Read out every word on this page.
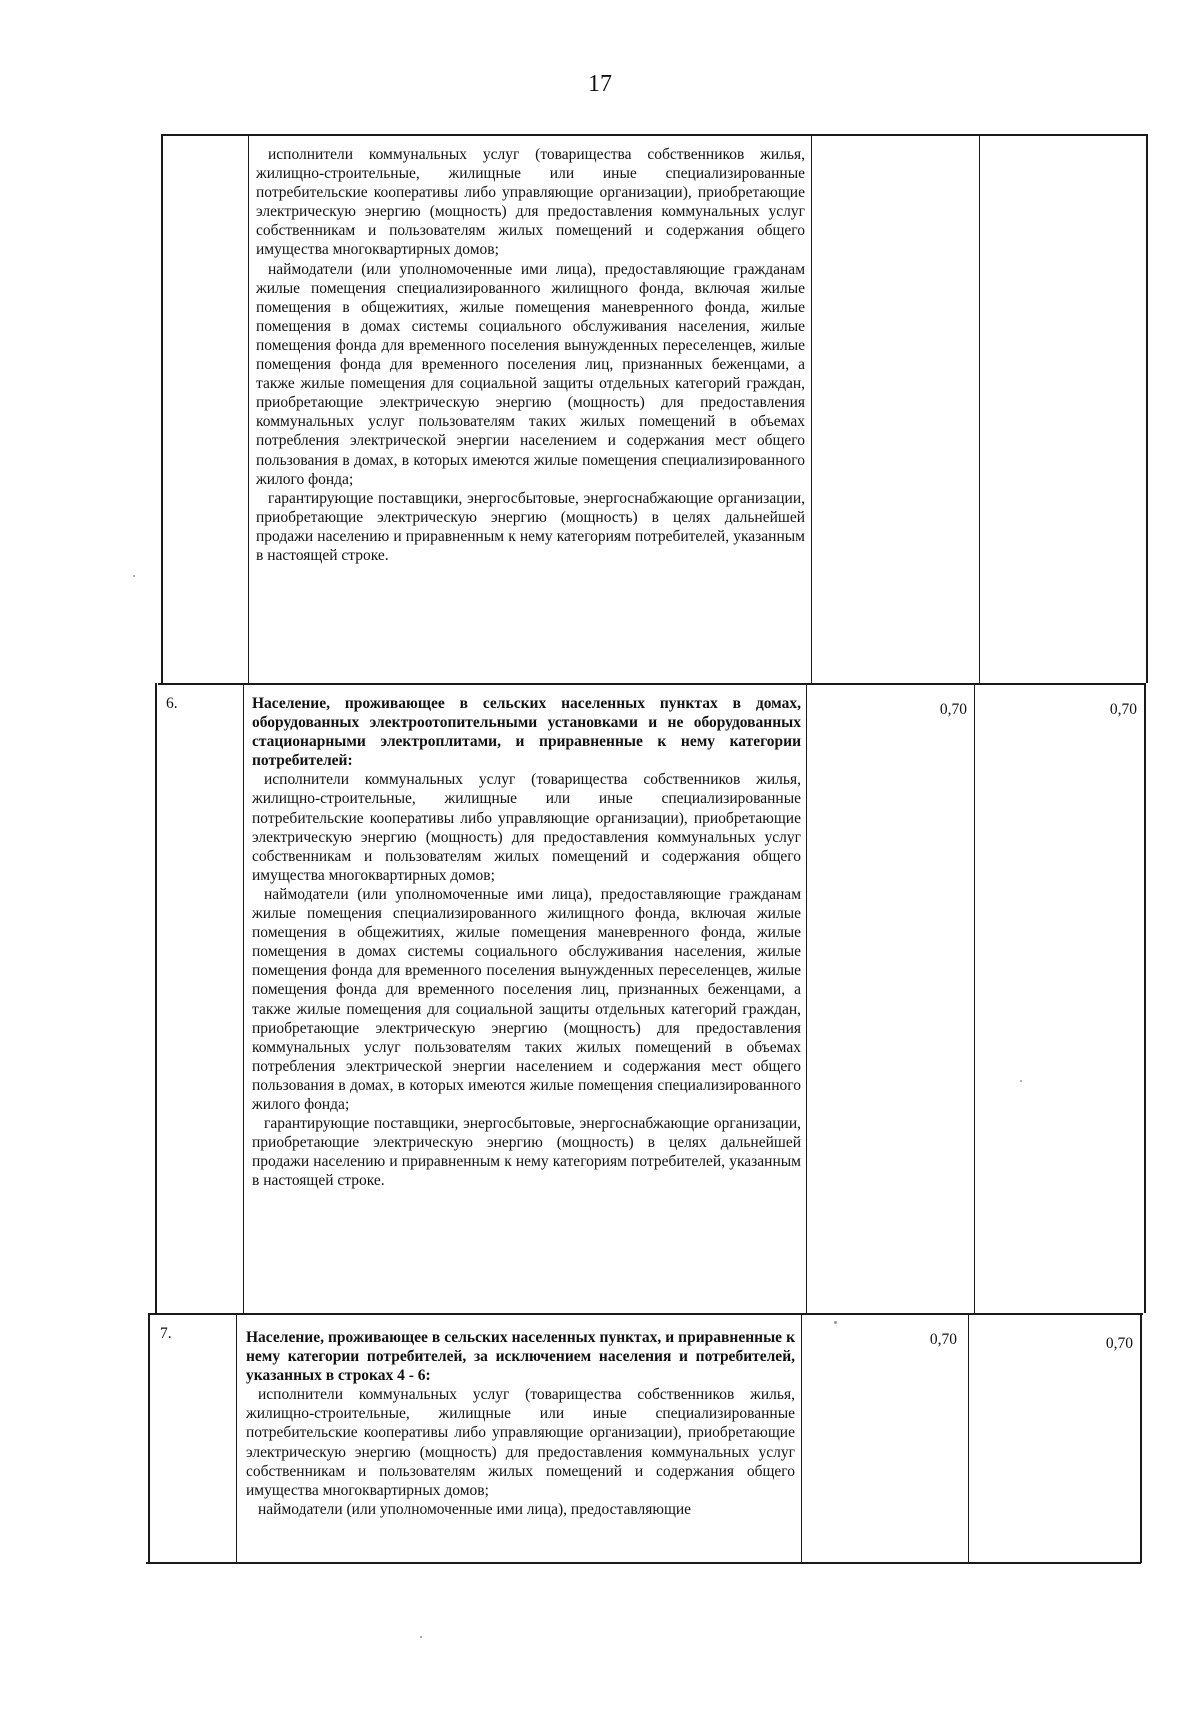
17

исполнители коммунальных услуг (товарищества собственников жилья, жилищно-строительные, жилищные или иные специализированные потребительские кооперативы либо управляющие организации), приобретающие электрическую энергию (мощность) для предоставления коммунальных услуг собственникам и пользователям жилых помещений и содержания общего имущества многоквартирных домов;

наймодатели (или уполномоченные ими лица), предоставляющие гражданам жилые помещения специализированного жилищного фонда, включая жилые помещения в общежитиях, жилые помещения маневренного фонда, жилые помещения в домах системы социального обслуживания населения, жилые помещения фонда для временного поселения вынужденных переселенцев, жилые помещения фонда для временного поселения лиц, признанных беженцами, а также жилые помещения для социальной защиты отдельных категорий граждан, приобретающие электрическую энергию (мощность) для предоставления коммунальных услуг пользователям таких жилых помещений в объемах потребления электрической энергии населением и содержания мест общего пользования в домах, в которых имеются жилые помещения специализированного жилого фонда;

гарантирующие поставщики, энергосбытовые, энергоснабжающие организации, приобретающие электрическую энергию (мощность) в целях дальнейшей продажи населению и приравненным к нему категориям потребителей, указанным в настоящей строке.

6.	Население, проживающее в сельских населенных пунктах в домах, оборудованных электроотопительными установками и не оборудованных стационарными электроплитами, и приравненные к нему категории потребителей:

исполнители коммунальных услуг (товарищества собственников жилья, жилищно-строительные, жилищные или иные специализированные потребительские кооперативы либо управляющие организации), приобретающие электрическую энергию (мощность) для предоставления коммунальных услуг собственникам и пользователям жилых помещений и содержания общего имущества многоквартирных домов;

наймодатели (или уполномоченные ими лица), предоставляющие гражданам жилые помещения специализированного жилищного фонда, включая жилые помещения в общежитиях, жилые помещения маневренного фонда, жилые помещения в домах системы социального обслуживания населения, жилые помещения фонда для временного поселения вынужденных переселенцев, жилые помещения фонда для временного поселения лиц, признанных беженцами, а также жилые помещения для социальной защиты отдельных категорий граждан, приобретающие электрическую энергию (мощность) для предоставления коммунальных услуг пользователям таких жилых помещений в объемах потребления электрической энергии населением и содержания мест общего пользования в домах, в которых имеются жилые помещения специализированного жилого фонда;

гарантирующие поставщики, энергосбытовые, энергоснабжающие организации, приобретающие электрическую энергию (мощность) в целях дальнейшей продажи населению и приравненным к нему категориям потребителей, указанным в настоящей строке.

0,70	0,70
7.	Население, проживающее в сельских населенных пунктах, и приравненные к нему категории потребителей, за исключением населения и потребителей, указанных в строках 4 - 6:

исполнители коммунальных услуг (товарищества собственников жилья, жилищно-строительные, жилищные или иные специализированные потребительские кооперативы либо управляющие организации), приобретающие электрическую энергию (мощность) для предоставления коммунальных услуг собственникам и пользователям жилых помещений и содержания общего имущества многоквартирных домов;

наймодатели (или уполномоченные ими лица), предоставляющие

0,70	0,70
